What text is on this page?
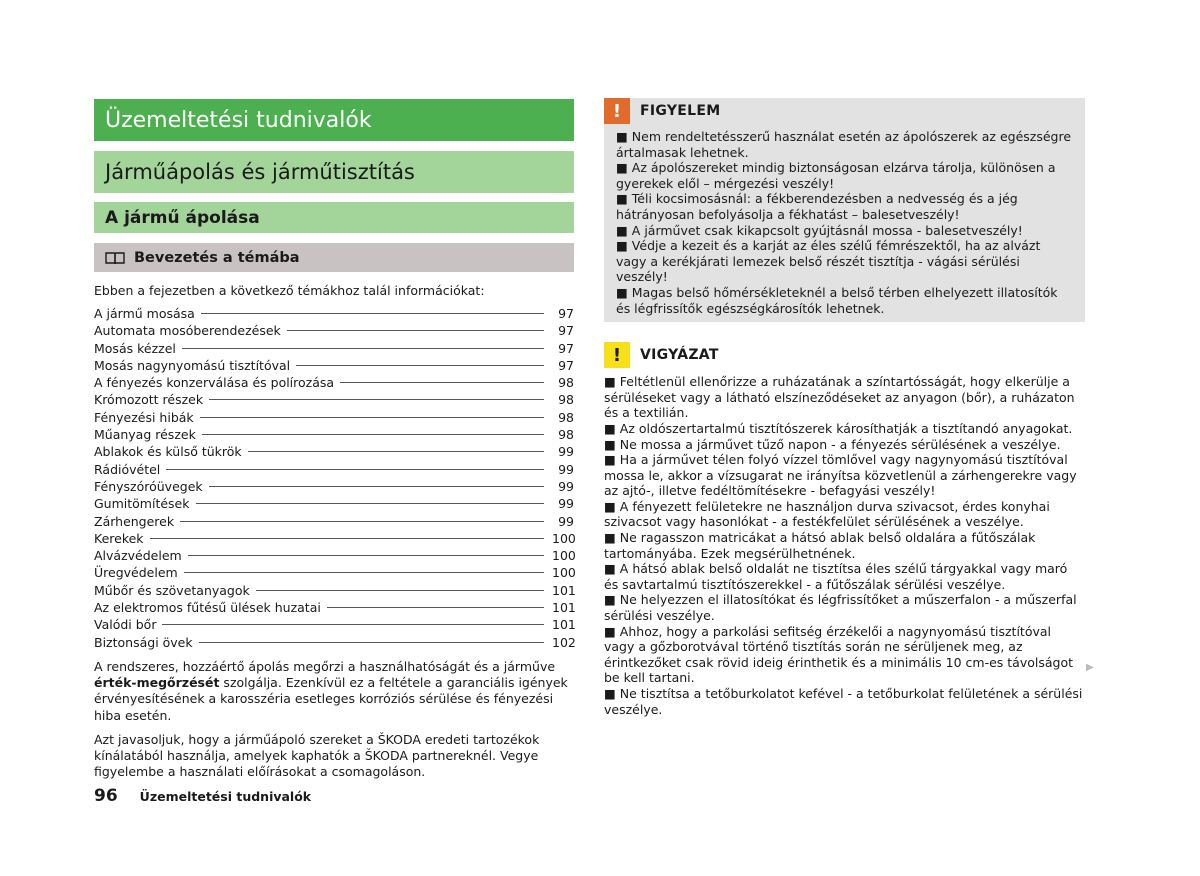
Üzemeltetési tudnivalók
Járműápolás és járműtisztítás
A jármű ápolása
Bevezetés a témába
Ebben a fejezetben a következő témákhoz talál információkat:
A jármű mosása	97
Automata mosóberendezések	97
Mosás kézzel	97
Mosás nagynyomású tisztítóval	97
A fényezés konzerválása és polírozása	98
Krómozott részek	98
Fényezési hibák	98
Műanyag részek	98
Ablakok és külső tükrök	99
Rádióvétel	99
Fényszóróüvegek	99
Gumitömítések	99
Zárhengerek	99
Kerekek	100
Alvázvédelem	100
Üregvédelem	100
Műbőr és szövetanyagok	101
Az elektromos fűtésű ülések huzatai	101
Valódi bőr	101
Biztonsági övek	102
A rendszeres, hozzáértő ápolás megőrzi a használhatóságát és a járműve érték-megőrzését szolgálja. Ezenkívül ez a feltétele a garanciális igények érvényesítésének a karosszéria esetleges korróziós sérülése és fényezési hiba esetén.
Azt javasoljuk, hogy a járműápoló szereket a ŠKODA eredeti tartozékok kínálatából használja, amelyek kaphatók a ŠKODA partnereknél. Vegye figyelembe a használati előírásokat a csomagoláson.
!	FIGYELEM
■ Nem rendeltetésszerű használat esetén az ápolószerek az egészségre ártalmasak lehetnek.
■ Az ápolószereket mindig biztonságosan elzárva tárolja, különösen a gyerekek elől – mérgezési veszély!
■ Téli kocsimosásnál: a fékberendezésben a nedvesség és a jég hátrányosan befolyásolja a fékhatást – balesetveszély!
■ A járművet csak kikapcsolt gyújtásnál mossa - balesetveszély!
■ Védje a kezeit és a karját az éles szélű fémrészektől, ha az alvázt vagy a kerékjárati lemezek belső részét tisztítja - vágási sérülési veszély!
■ Magas belső hőmérsékleteknél a belső térben elhelyezett illatosítók és légfrissítők egészségkárosítók lehetnek.
!	VIGYÁZAT
■ Feltétlenül ellenőrizze a ruházatának a színtartósságát, hogy elkerülje a sérüléseket vagy a látható elszíneződéseket az anyagon (bőr), a ruházaton és a textilián.
■ Az oldószertartalmú tisztítószerek károsíthatják a tisztítandó anyagokat.
■ Ne mossa a járművet tűző napon - a fényezés sérülésének a veszélye.
■ Ha a járművet télen folyó vízzel tömlővel vagy nagynyomású tisztítóval mossa le, akkor a vízsugarat ne irányítsa közvetlenül a zárhengerekre vagy az ajtó-, illetve fedéltömítésekre - befagyási veszély!
■ A fényezett felületekre ne használjon durva szivacsot, érdes konyhai szivacsot vagy hasonlókat - a festékfelület sérülésének a veszélye.
■ Ne ragasszon matricákat a hátsó ablak belső oldalára a fűtőszálak tartományába. Ezek megsérülhetnének.
■ A hátsó ablak belső oldalát ne tisztítsa éles szélű tárgyakkal vagy maró és savtartalmú tisztítószerekkel - a fűtőszálak sérülési veszélye.
■ Ne helyezzen el illatosítókat és légfrissítőket a műszerfalon - a műszerfal sérülési veszélye.
■ Ahhoz, hogy a parkolási sefitség érzékelői a nagynyomású tisztítóval vagy a gőzborotvával történő tisztítás során ne sérüljenek meg, az érintkezőket csak rövid ideig érinthetik és a minimális 10 cm-es távolságot be kell tartani.
■ Ne tisztítsa a tetőburkolatot kefével - a tetőburkolat felületének a sérülési veszélye.
▶
96 Üzemeltetési tudnivalók
